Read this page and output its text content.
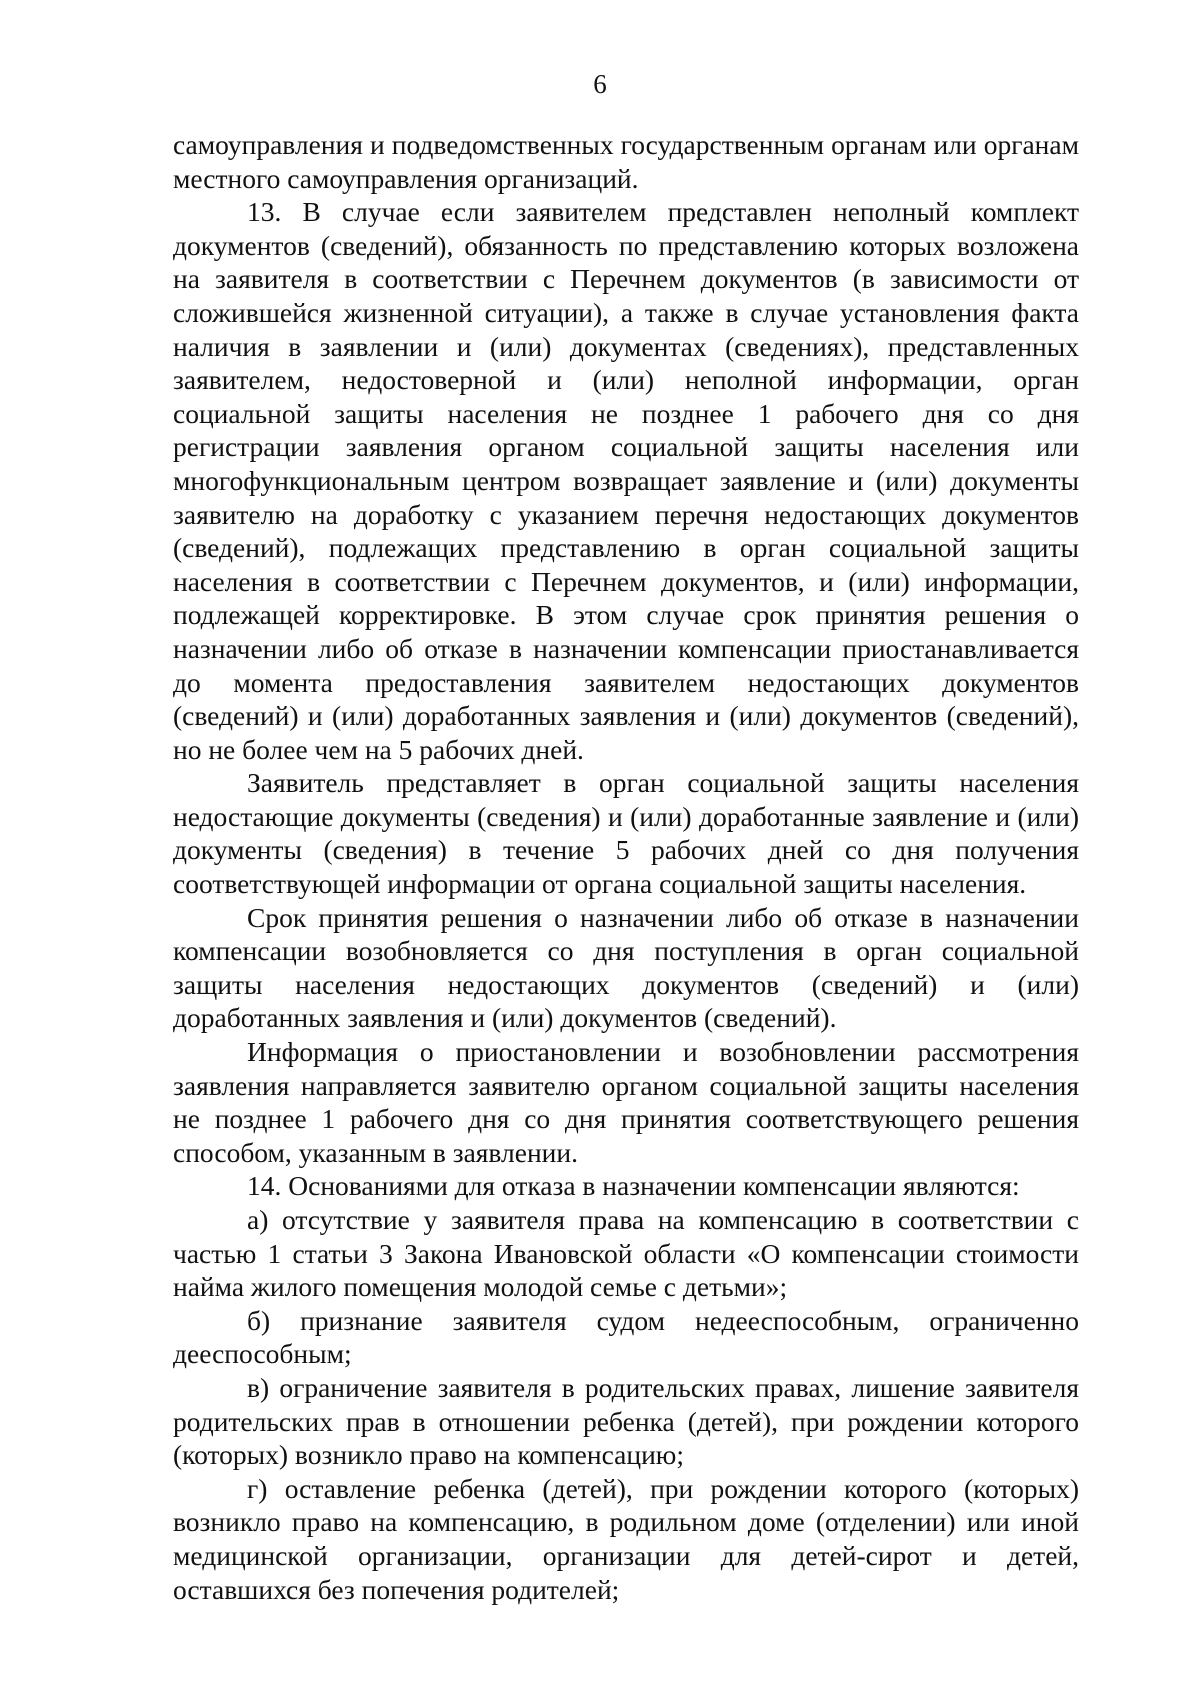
6

самоуправления и подведомственных государственным органам или органам местного самоуправления организаций.

13. В случае если заявителем представлен неполный комплект документов (сведений), обязанность по представлению которых возложена на заявителя в соответствии с Перечнем документов (в зависимости от сложившейся жизненной ситуации), а также в случае установления факта наличия в заявлении и (или) документах (сведениях), представленных заявителем, недостоверной и (или) неполной информации, орган социальной защиты населения не позднее 1 рабочего дня со дня регистрации заявления органом социальной защиты населения или многофункциональным центром возвращает заявление и (или) документы заявителю на доработку с указанием перечня недостающих документов (сведений), подлежащих представлению в орган социальной защиты населения в соответствии с Перечнем документов, и (или) информации, подлежащей корректировке. В этом случае срок принятия решения о назначении либо об отказе в назначении компенсации приостанавливается до момента предоставления заявителем недостающих документов (сведений) и (или) доработанных заявления и (или) документов (сведений), но не более чем на 5 рабочих дней.

Заявитель представляет в орган социальной защиты населения недостающие документы (сведения) и (или) доработанные заявление и (или) документы (сведения) в течение 5 рабочих дней со дня получения соответствующей информации от органа социальной защиты населения.

Срок принятия решения о назначении либо об отказе в назначении компенсации возобновляется со дня поступления в орган социальной защиты населения недостающих документов (сведений) и (или) доработанных заявления и (или) документов (сведений).

Информация о приостановлении и возобновлении рассмотрения заявления направляется заявителю органом социальной защиты населения не позднее 1 рабочего дня со дня принятия соответствующего решения способом, указанным в заявлении.

14. Основаниями для отказа в назначении компенсации являются:

а) отсутствие у заявителя права на компенсацию в соответствии с частью 1 статьи 3 Закона Ивановской области «О компенсации стоимости найма жилого помещения молодой семье с детьми»;

б) признание заявителя судом недееспособным, ограниченно дееспособным;

в) ограничение заявителя в родительских правах, лишение заявителя родительских прав в отношении ребенка (детей), при рождении которого (которых) возникло право на компенсацию;

г) оставление ребенка (детей), при рождении которого (которых) возникло право на компенсацию, в родильном доме (отделении) или иной медицинской организации, организации для детей-сирот и детей, оставшихся без попечения родителей;
